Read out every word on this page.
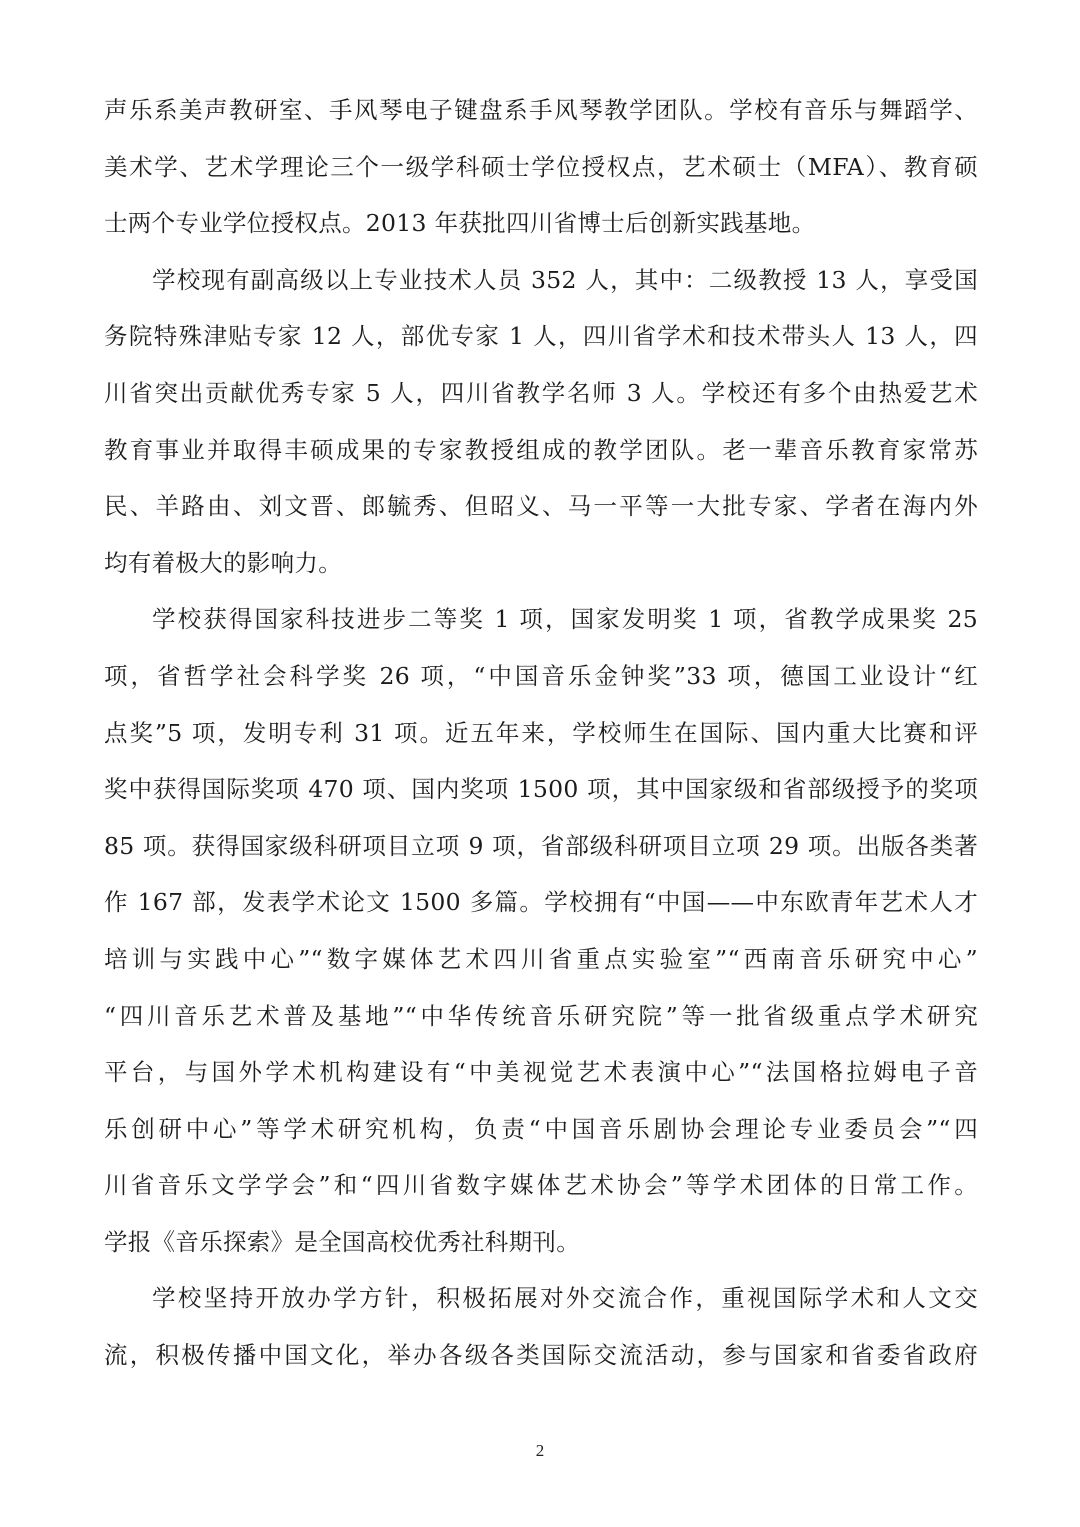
声乐系美声教研室、手风琴电子键盘系手风琴教学团队。学校有音乐与舞蹈学、
美术学、艺术学理论三个一级学科硕士学位授权点，艺术硕士（MFA）、教育硕
士两个专业学位授权点。2013 年获批四川省博士后创新实践基地。
学校现有副高级以上专业技术人员 352 人，其中：二级教授 13 人，享受国
务院特殊津贴专家 12 人，部优专家 1 人，四川省学术和技术带头人 13 人，四
川省突出贡献优秀专家 5 人，四川省教学名师 3 人。学校还有多个由热爱艺术
教育事业并取得丰硕成果的专家教授组成的教学团队。老一辈音乐教育家常苏
民、羊路由、刘文晋、郎毓秀、但昭义、马一平等一大批专家、学者在海内外
均有着极大的影响力。
学校获得国家科技进步二等奖 1 项，国家发明奖 1 项，省教学成果奖 25
项，省哲学社会科学奖 26 项，“中国音乐金钟奖”33 项，德国工业设计“红
点奖”5 项，发明专利 31 项。近五年来，学校师生在国际、国内重大比赛和评
奖中获得国际奖项 470 项、国内奖项 1500 项，其中国家级和省部级授予的奖项
85 项。获得国家级科研项目立项 9 项，省部级科研项目立项 29 项。出版各类著
作 167 部，发表学术论文 1500 多篇。学校拥有“中国——中东欧青年艺术人才
培训与实践中心”“数字媒体艺术四川省重点实验室”“西南音乐研究中心”
“四川音乐艺术普及基地”“中华传统音乐研究院”等一批省级重点学术研究
平台，与国外学术机构建设有“中美视觉艺术表演中心”“法国格拉姆电子音
乐创研中心”等学术研究机构，负责“中国音乐剧协会理论专业委员会”“四
川省音乐文学学会”和“四川省数字媒体艺术协会”等学术团体的日常工作。
学报《音乐探索》是全国高校优秀社科期刊。
学校坚持开放办学方针，积极拓展对外交流合作，重视国际学术和人文交
流，积极传播中国文化，举办各级各类国际交流活动，参与国家和省委省政府
2
